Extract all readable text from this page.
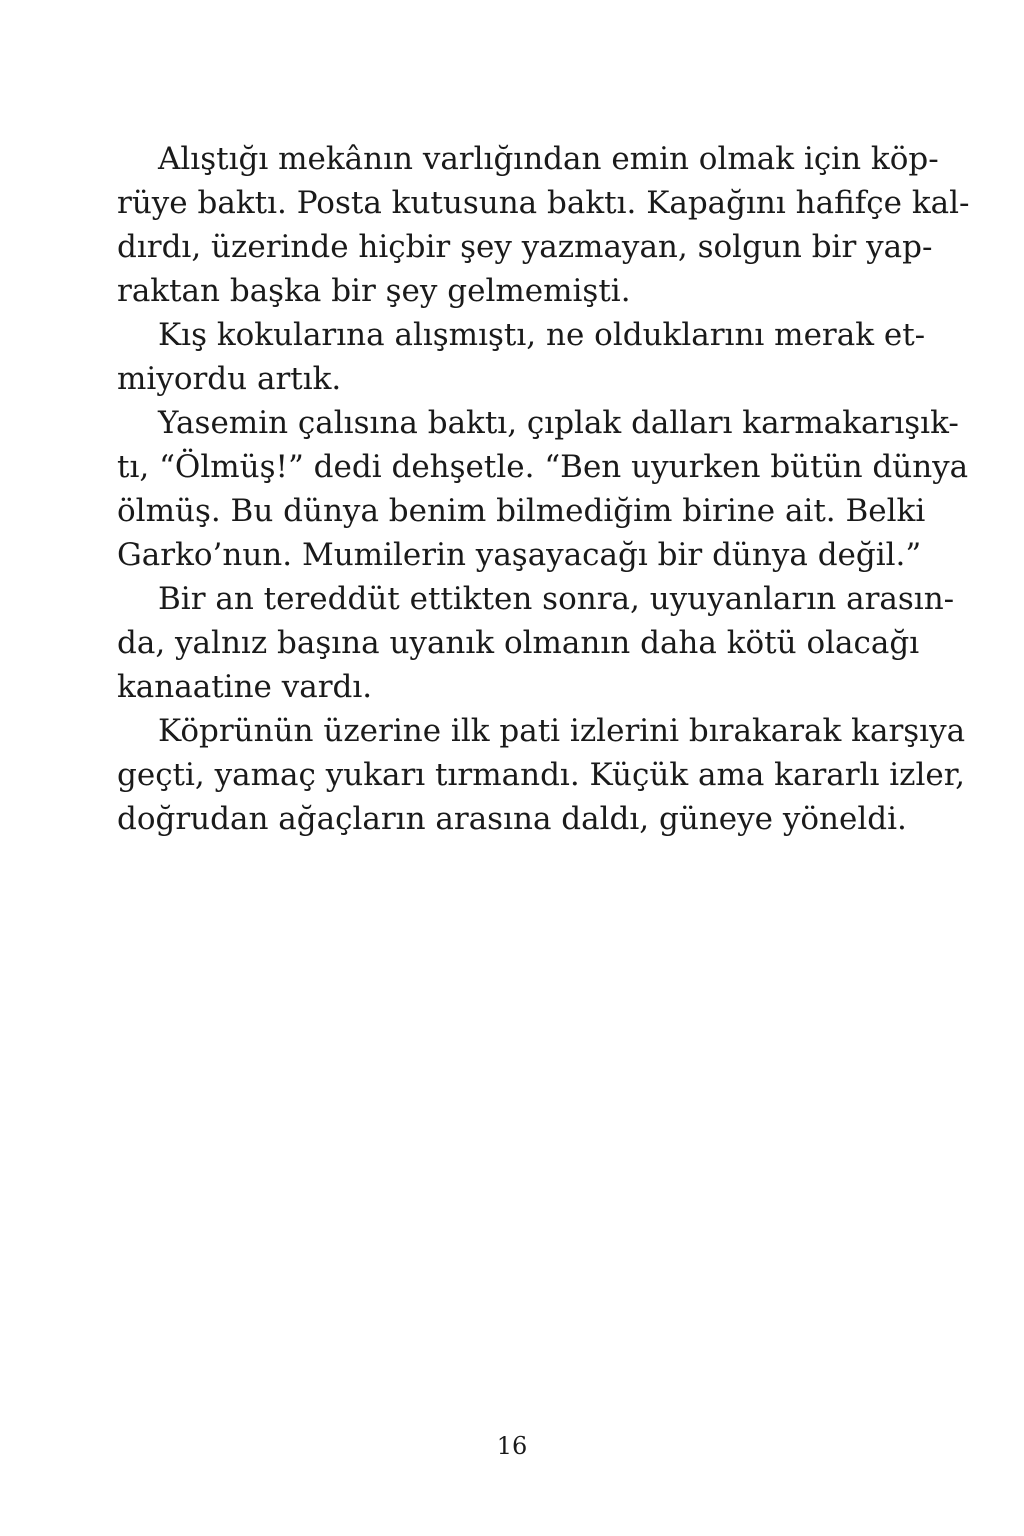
Alıştığı mekânın varlığından emin olmak için köp-
rüye baktı. Posta kutusuna baktı. Kapağını hafifçe kal-
dırdı, üzerinde hiçbir şey yazmayan, solgun bir yap-
raktan başka bir şey gelmemişti.

Kış kokularına alışmıştı, ne olduklarını merak et-
miyordu artık.

Yasemin çalısına baktı, çıplak dalları karmakarışık-
tı, “Ölmüş!” dedi dehşetle. “Ben uyurken bütün dünya
ölmüş. Bu dünya benim bilmediğim birine ait. Belki
Garko’nun. Mumilerin yaşayacağı bir dünya değil.”

Bir an tereddüt ettikten sonra, uyuyanların arasın-
da, yalnız başına uyanık olmanın daha kötü olacağı
kanaatine vardı.

Köprünün üzerine ilk pati izlerini bırakarak karşıya
geçti, yamaç yukarı tırmandı. Küçük ama kararlı izler,
doğrudan ağaçların arasına daldı, güneye yöneldi.

16
